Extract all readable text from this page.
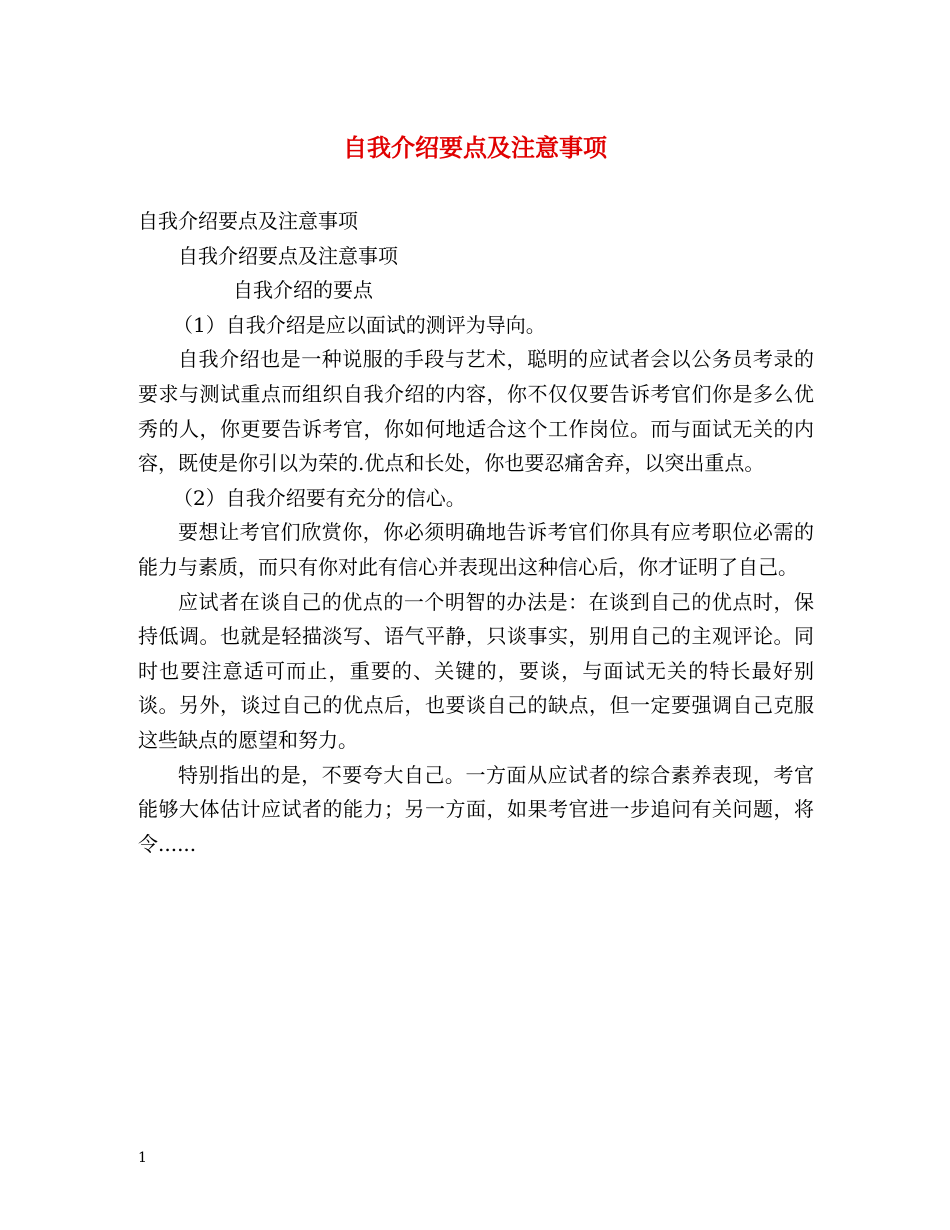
自我介绍要点及注意事项

自我介绍要点及注意事项

自我介绍要点及注意事项

自我介绍的要点

（1）自我介绍是应以面试的测评为导向。

自我介绍也是一种说服的手段与艺术，聪明的应试者会以公务员考录的要求与测试重点而组织自我介绍的内容，你不仅仅要告诉考官们你是多么优秀的人，你更要告诉考官，你如何地适合这个工作岗位。而与面试无关的内容，既使是你引以为荣的.优点和长处，你也要忍痛舍弃，以突出重点。

（2）自我介绍要有充分的信心。

要想让考官们欣赏你，你必须明确地告诉考官们你具有应考职位必需的能力与素质，而只有你对此有信心并表现出这种信心后，你才证明了自己。

应试者在谈自己的优点的一个明智的办法是：在谈到自己的优点时，保持低调。也就是轻描淡写、语气平静，只谈事实，别用自己的主观评论。同时也要注意适可而止，重要的、关键的，要谈，与面试无关的特长最好别谈。另外，谈过自己的优点后，也要谈自己的缺点，但一定要强调自己克服这些缺点的愿望和努力。

特别指出的是，不要夸大自己。一方面从应试者的综合素养表现，考官能够大体估计应试者的能力；另一方面，如果考官进一步追问有关问题，将令......

1
